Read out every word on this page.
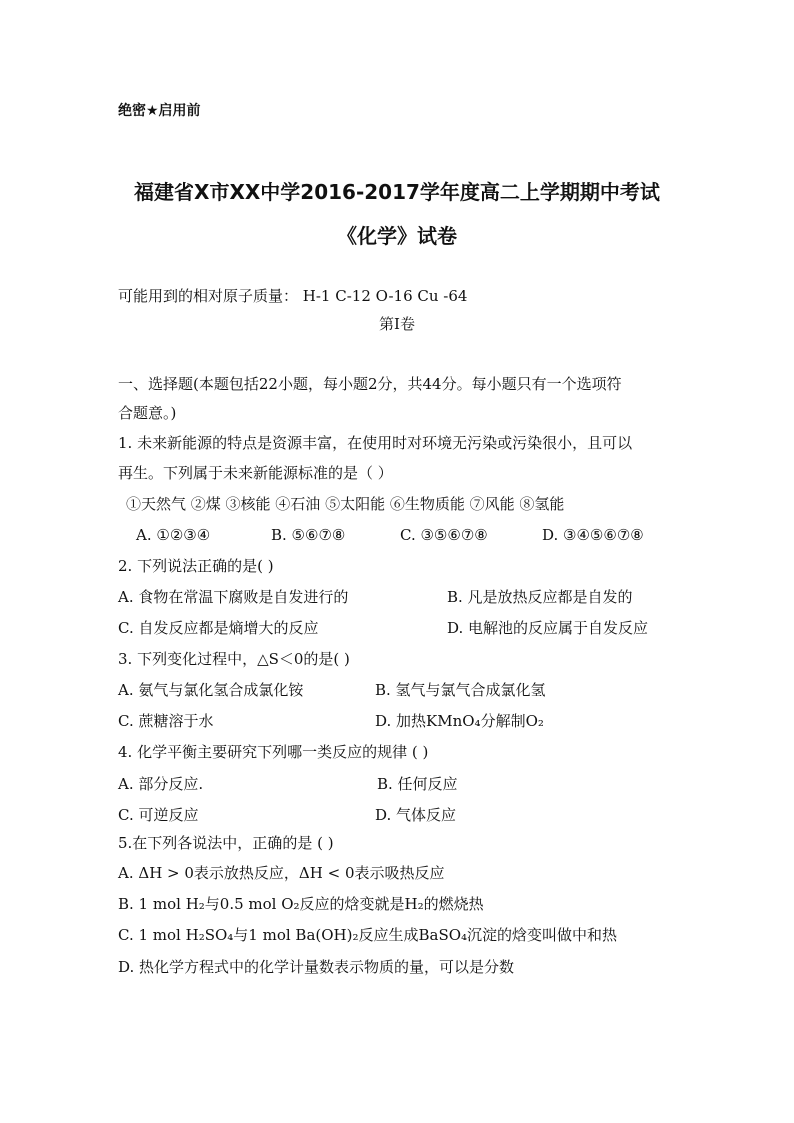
绝密★启用前
福建省X市XX中学2016-2017学年度高二上学期期中考试
《化学》试卷
可能用到的相对原子质量： H-1 C-12 O-16 Cu -64
第Ⅰ卷
一、选择题(本题包括22小题，每小题2分，共44分。每小题只有一个选项符
合题意。)
1. 未来新能源的特点是资源丰富，在使用时对环境无污染或污染很小，且可以
再生。下列属于未来新能源标准的是（ ）
①天然气 ②煤 ③核能 ④石油 ⑤太阳能 ⑥生物质能 ⑦风能 ⑧氢能
A. ①②③④	B. ⑤⑥⑦⑧	C. ③⑤⑥⑦⑧	D. ③④⑤⑥⑦⑧
2. 下列说法正确的是( )
A. 食物在常温下腐败是自发进行的	B. 凡是放热反应都是自发的
C. 自发反应都是熵增大的反应	D. 电解池的反应属于自发反应
3. 下列变化过程中，△S＜0的是( )
A. 氨气与氯化氢合成氯化铵	B. 氢气与氯气合成氯化氢
C. 蔗糖溶于水	D. 加热KMnO₄分解制O₂
4. 化学平衡主要研究下列哪一类反应的规律 ( )
A. 部分反应.	B. 任何反应
C. 可逆反应	D. 气体反应
5.在下列各说法中，正确的是 ( )
A. ΔH > 0表示放热反应，ΔH < 0表示吸热反应
B. 1 mol H₂与0.5 mol O₂反应的焓变就是H₂的燃烧热
C. 1 mol H₂SO₄与1 mol Ba(OH)₂反应生成BaSO₄沉淀的焓变叫做中和热
D. 热化学方程式中的化学计量数表示物质的量，可以是分数
